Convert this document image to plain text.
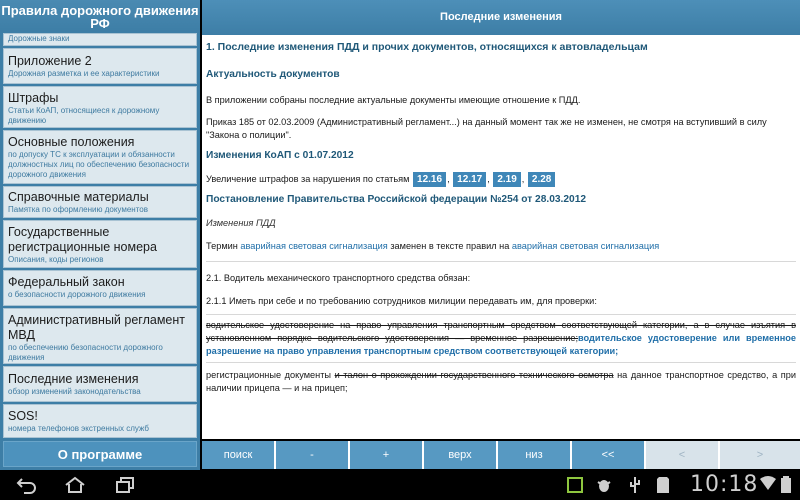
Правила дорожного движения РФ
Дорожные знаки
Приложение 2
Дорожная разметка и ее характеристики
Штрафы
Статьи КоАП, относящиеся к дорожному движению
Основные положения
по допуску ТС к эксплуатации и обязанности должностных лиц по обеспечению безопасности дорожного движения
Справочные материалы
Памятка по оформлению документов
Государственные регистрационные номера
Описания, коды регионов
Федеральный закон
о безопасности дорожного движения
Административный регламент МВД
по обеспечению безопасности дорожного движения
Последние изменения
обзор изменений законодательства
SOS!
номера телефонов экстренных служб
О программе
Последние изменения
1. Последние изменения ПДД и прочих документов, относящихся к автовладельцам
Актуальность документов

В приложении собраны последние актуальные документы имеющие отношение к ПДД.

Приказ 185 от 02.03.2009 (Административный регламент...) на данный момент так же не изменен, не смотря на вступивший в силу "Закона о полиции".

Изменения КоАП с 01.07.2012

Увеличение штрафов за нарушения по статьям 12.16 , 12.17 , 2.19 , 2.28

Постановление Правительства Российской федерации №254 от 28.03.2012

Изменения ПДД

Термин аварийная световая сигнализация заменен в тексте правил на аварийная световая сигнализация

2.1. Водитель механического транспортного средства обязан:

2.1.1 Иметь при себе и по требованию сотрудников милиции передавать им, для проверки:

водительское удостоверение на право управления транспортным средством соответствующей категории, а в случае изъятия в установленном порядке водительского удостоверения — временное разрешение;водительское удостоверение или временное разрешение на право управления транспортным средством соответствующей категории;

регистрационные документы и талон о прохождении государственного технического осмотра на данное транспортное средство, а при наличии прицепа — и на прицеп;

поиск	-	+	верх	низ	<<	<	>
10:18
